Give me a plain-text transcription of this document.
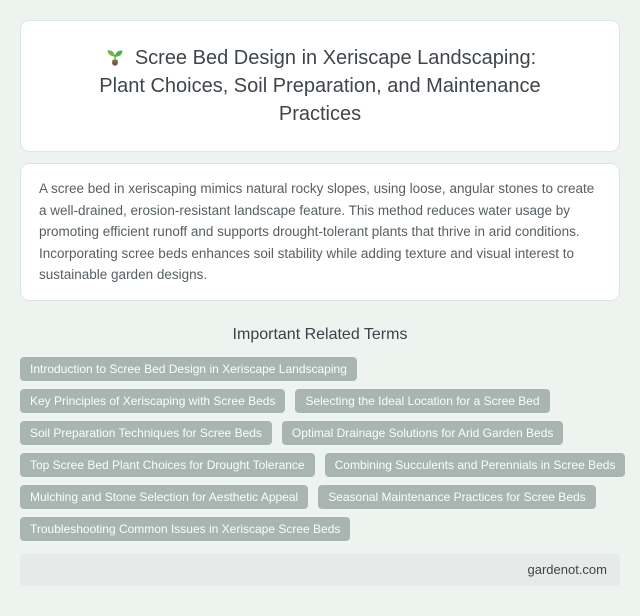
Scree Bed Design in Xeriscape Landscaping: Plant Choices, Soil Preparation, and Maintenance Practices

A scree bed in xeriscaping mimics natural rocky slopes, using loose, angular stones to create a well-drained, erosion-resistant landscape feature. This method reduces water usage by promoting efficient runoff and supports drought-tolerant plants that thrive in arid conditions. Incorporating scree beds enhances soil stability while adding texture and visual interest to sustainable garden designs.

Important Related Terms
Introduction to Scree Bed Design in Xeriscape Landscaping
Key Principles of Xeriscaping with Scree Beds	Selecting the Ideal Location for a Scree Bed
Soil Preparation Techniques for Scree Beds	Optimal Drainage Solutions for Arid Garden Beds
Top Scree Bed Plant Choices for Drought Tolerance	Combining Succulents and Perennials in Scree Beds
Mulching and Stone Selection for Aesthetic Appeal	Seasonal Maintenance Practices for Scree Beds
Troubleshooting Common Issues in Xeriscape Scree Beds
gardenot.com
